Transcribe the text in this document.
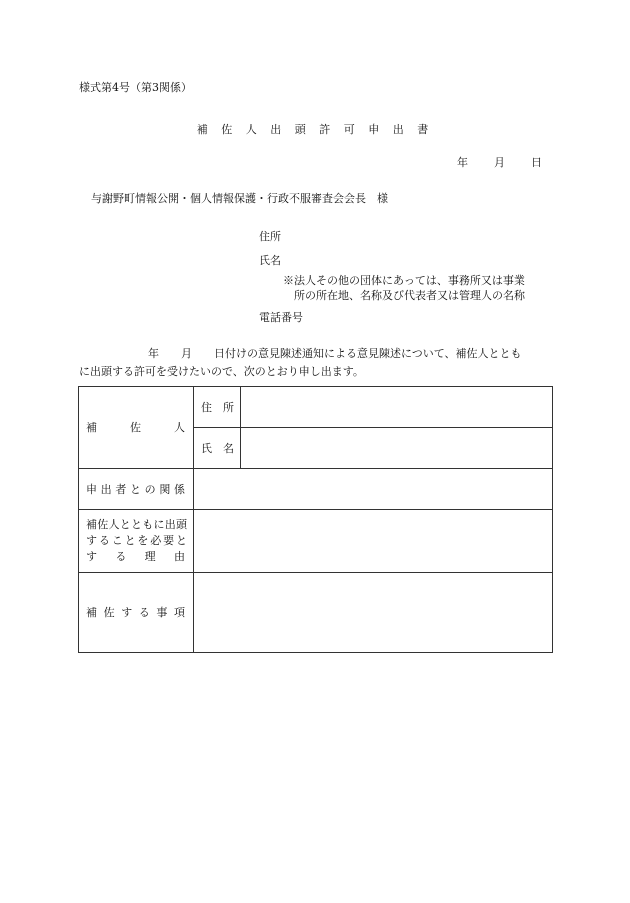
様式第4号（第3関係）
補 佐 人 出 頭 許 可 申 出 書
年 月 日
与謝野町情報公開・個人情報保護・行政不服審査会会長　様
住所
氏名
※法人その他の団体にあっては、事務所又は事業
所の所在地、名称及び代表者又は管理人の名称
電話番号
年　　月　　日付けの意見陳述通知による意見陳述について、補佐人ととも
に出頭する許可を受けたいので、次のとおり申し出ます。
補　佐　人	住　所	
	氏　名	
申出者との関係		

補佐人とともに出頭
することを必要と
す　る　理　由		

補佐する事項		
